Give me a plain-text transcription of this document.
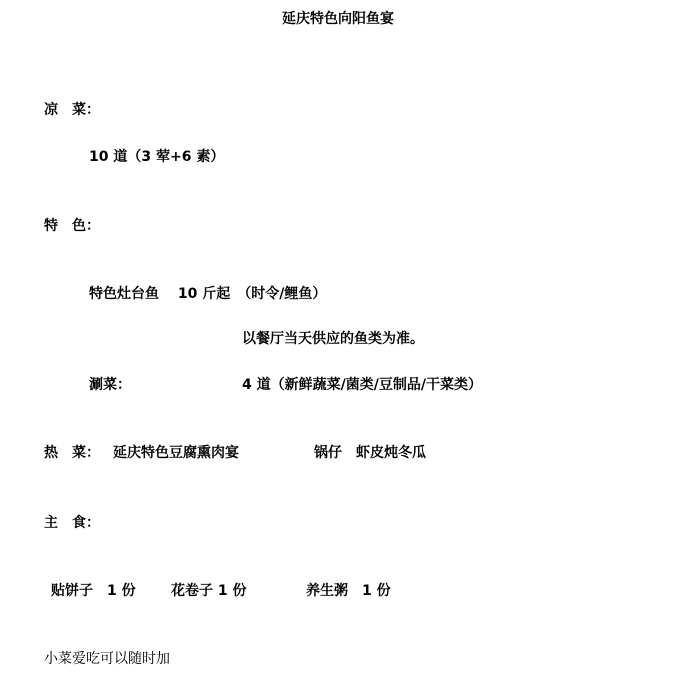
延庆特色向阳鱼宴
凉　菜：
10 道（3 荤+6 素）
特　色：
特色灶台鱼　 10 斤起　（时令/鲤鱼）
以餐厅当天供应的鱼类为准。
涮菜：	4 道（新鲜蔬菜/菌类/豆制品/干菜类）
热　菜： 延庆特色豆腐熏肉宴	锅仔　虾皮炖冬瓜
主　食：
贴饼子　1 份	花卷子 1 份	养生粥　1 份
小菜爱吃可以随时加
